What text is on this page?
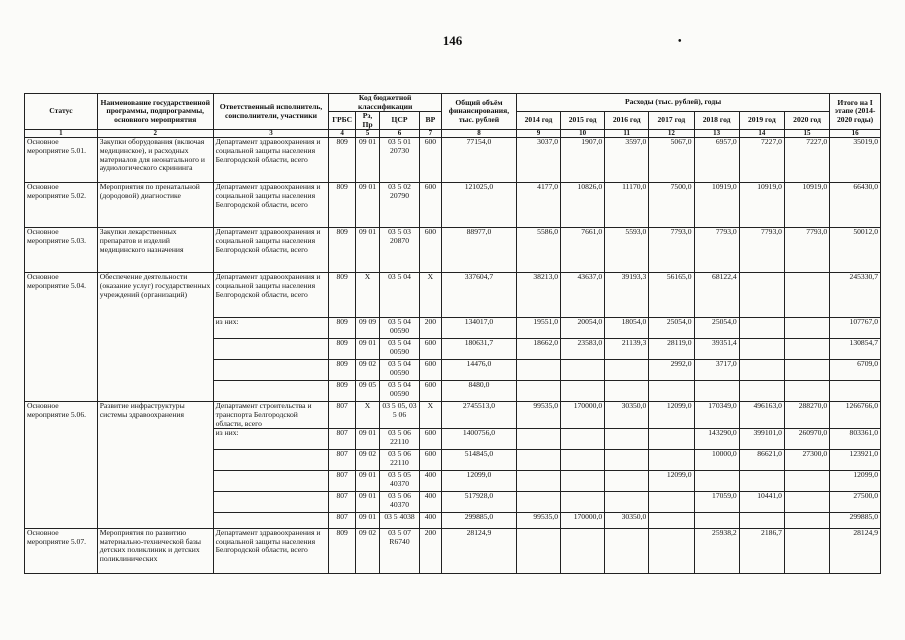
146	•
Статус	Наименование государственной программы, подпрограммы, основного мероприятия	Ответственный исполнитель, соисполнители, участники	Код бюджетной классификации				Общий объём финансирования, тыс. рублей	Расходы (тыс. рублей), годы							Итого на I этапе (2014-2020 годы)
			ГРБС	Рз, Пр	ЦСР	ВР		2014 год	2015 год	2016 год	2017 год	2018 год	2019 год	2020 год	
1	2	3	4	5	6	7	8	9	10	11	12	13	14	15	16
Основное мероприятие 5.01.	Закупки оборудования (включая медицинское), и расходных материалов для неонатального и аудиологического скрининга	Департамент здравоохранения и социальной защиты населения Белгородской области, всего	809	09 01	03 5 01 20730	600	77154,0	3037,0	1907,0	3597,0	5067,0	6957,0	7227,0	7227,0	35019,0
Основное мероприятие 5.02.	Мероприятия по пренатальной (дородовой) диагностике	Департамент здравоохранения и социальной защиты населения Белгородской области, всего	809	09 01	03 5 02 20790	600	121025,0	4177,0	10826,0	11170,0	7500,0	10919,0	10919,0	10919,0	66430,0
Основное мероприятие 5.03.	Закупки лекарственных препаратов и изделий медицинского назначения	Департамент здравоохранения и социальной защиты населения Белгородской области, всего	809	09 01	03 5 03 20870	600	88977,0	5586,0	7661,0	5593,0	7793,0	7793,0	7793,0	7793,0	50012,0
Основное мероприятие 5.04.	Обеспечение деятельности (оказание услуг) государственных учреждений (организаций)	Департамент здравоохранения и социальной защиты населения Белгородской области, всего	809	Х	03 5 04	Х	337604,7	38213,0	43637,0	39193,3	56165,0	68122,4			245330,7
		из них:	809	09 09	03 5 04 00590	200	134017,0	19551,0	20054,0	18054,0	25054,0	25054,0			107767,0
			809	09 01	03 5 04 00590	600	180631,7	18662,0	23583,0	21139,3	28119,0	39351,4			130854,7
			809	09 02	03 5 04 00590	600	14476,0				2992,0	3717,0			6709,0
			809	09 05	03 5 04 00590	600	8480,0								
Основное мероприятие 5.06.	Развитие инфраструктуры системы здравоохранения	Департамент строительства и транспорта Белгородской области, всего	807	Х	03 5 05, 03 5 06	Х	2745513,0	99535,0	170000,0	30350,0	12099,0	170349,0	496163,0	288270,0	1266766,0
		из них:	807	09 01	03 5 06 22110	600	1400756,0					143290,0	399101,0	260970,0	803361,0
			807	09 02	03 5 06 22110	600	514845,0					10000,0	86621,0	27300,0	123921,0
			807	09 01	03 5 05 40370	400	12099,0				12099,0				12099,0
			807	09 01	03 5 06 40370	400	517928,0					17059,0	10441,0		27500,0
			807	09 01	03 5 4038	400	299885,0	99535,0	170000,0	30350,0					299885,0
Основное мероприятие 5.07.	Мероприятия по развитию материально-технической базы детских поликлиник и детских поликлинических	Департамент здравоохранения и социальной защиты населения Белгородской области, всего	809	09 02	03 5 07 R6740	200	28124,9					25938,2	2186,7		28124,9
